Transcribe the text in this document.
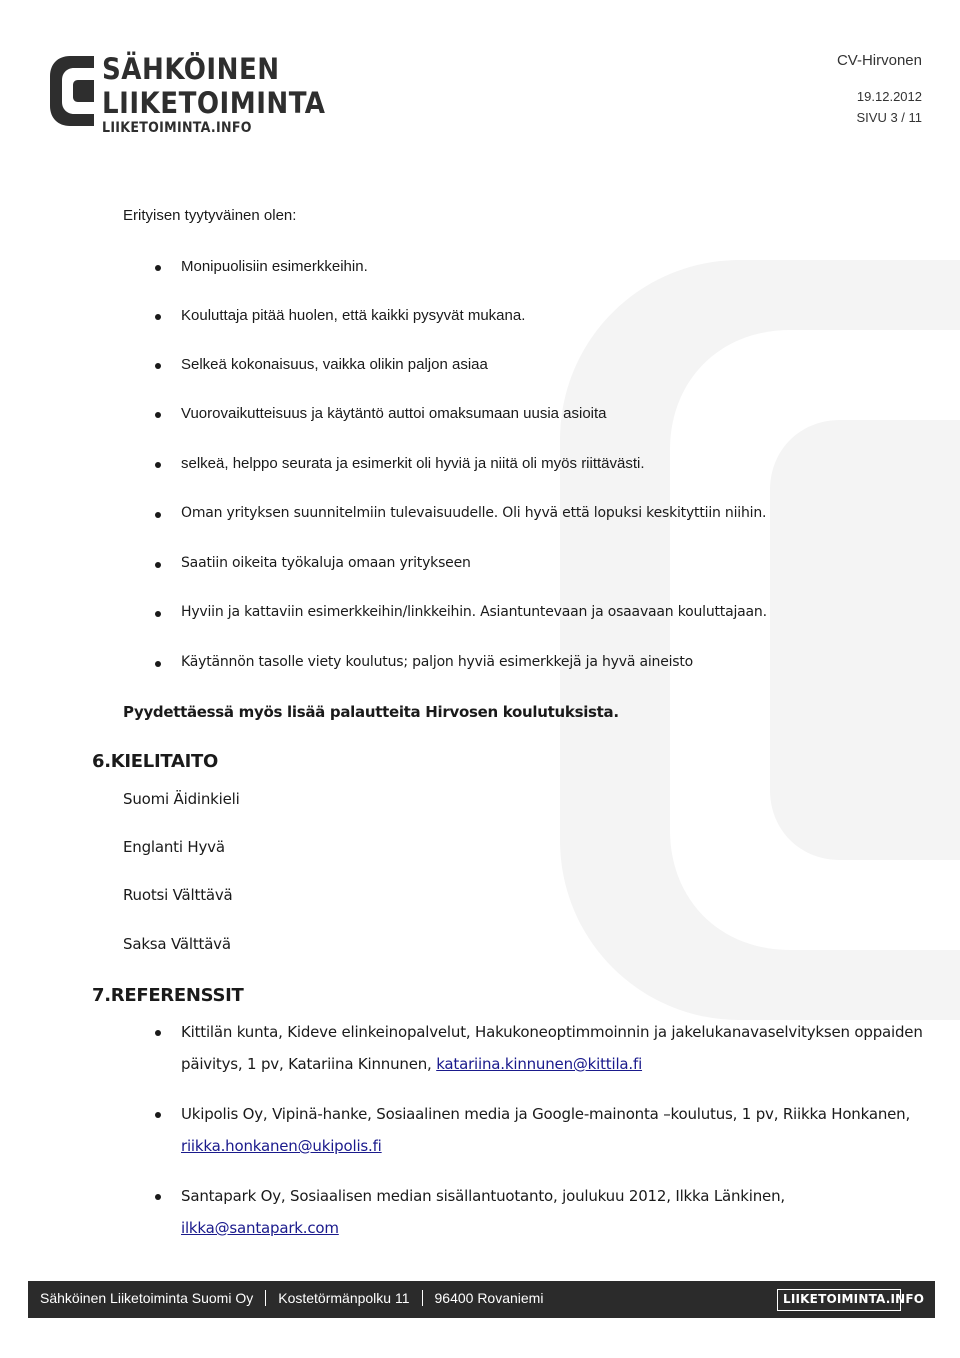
SÄHKÖINEN
LIIKETOIMINTA
LIIKETOIMINTA.INFO
CV-Hirvonen
19.12.2012
SIVU 3 / 11
Erityisen tyytyväinen olen:
Monipuolisiin esimerkkeihin.
Kouluttaja pitää huolen, että kaikki pysyvät mukana.
Selkeä kokonaisuus, vaikka olikin paljon asiaa
Vuorovaikutteisuus ja käytäntö auttoi omaksumaan uusia asioita
selkeä, helppo seurata ja esimerkit oli hyviä ja niitä oli myös riittävästi.
Oman yrityksen suunnitelmiin tulevaisuudelle. Oli hyvä että lopuksi keskityttiin niihin.
Saatiin oikeita työkaluja omaan yritykseen
Hyviin ja kattaviin esimerkkeihin/linkkeihin. Asiantuntevaan ja osaavaan kouluttajaan.
Käytännön tasolle viety koulutus; paljon hyviä esimerkkejä ja hyvä aineisto
Pyydettäessä myös lisää palautteita Hirvosen koulutuksista.
6.KIELITAITO
Suomi Äidinkieli
Englanti Hyvä
Ruotsi Välttävä
Saksa Välttävä
7.REFERENSSIT
Kittilän kunta, Kideve elinkeinopalvelut, Hakukoneoptimmoinnin ja jakelukanavaselvityksen oppaiden
päivitys, 1 pv, Katariina Kinnunen, katariina.kinnunen@kittila.fi
Ukipolis Oy, Vipinä-hanke, Sosiaalinen media ja Google-mainonta –koulutus, 1 pv, Riikka Honkanen,
riikka.honkanen@ukipolis.fi
Santapark Oy, Sosiaalisen median sisällantuotanto, joulukuu 2012, Ilkka Länkinen,
ilkka@santapark.com
Sähköinen Liiketoiminta Suomi Oy Kostetörmänpolku 11 96400 Rovaniemi	LIIKETOIMINTA.INFO
